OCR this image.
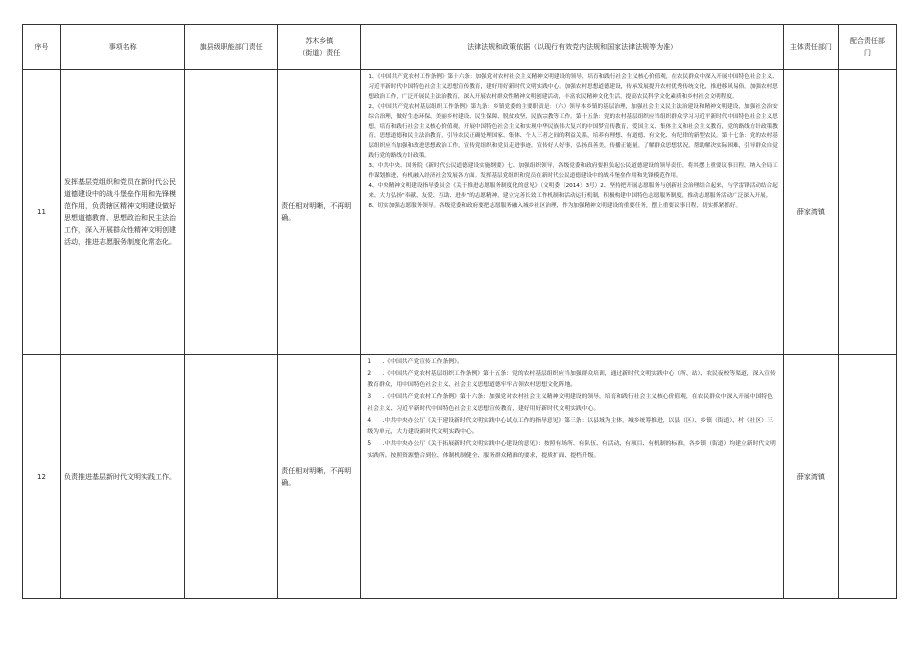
序号	事项名称	旗县级职能部门责任	苏木乡镇
（街道）责任	法律法规和政策依据（以现行有效党内法规和国家法律法规等为准）	主体责任部门	配合责任部门
11	发挥基层党组织和党员在新时代公民道德建设中的战斗堡垒作用和先锋模范作用，负责辖区精神文明建设做好思想道德教育、思想政治和民主法治工作，深入开展群众性精神文明创建活动，推进志愿服务制度化常态化。		责任相对明晰，不再明确。	1、《中国共产党农村工作条例》第十六条：加强党对农村社会主义精神文明建设的领导，培育和践行社会主义核心价值观，在农民群众中深入开展中国特色社会主义、习近平新时代中国特色社会主义思想宣传教育，建好用好新时代文明实践中心。加强农村思想道德建设，传承发展提升农村优秀传统文化，推进移风易俗。加强农村思想政治工作，广泛开展民主法治教育，深入开展农村群众性精神文明创建活动，丰富农民精神文化生活，提高农民科学文化素质和乡村社会文明程度。

2、《中国共产党农村基层组织工作条例》第九条：乡镇党委的主要职责是：（六）领导本乡镇的基层治理，加强社会主义民主法治建设和精神文明建设，加强社会治安综合治理，做好生态环保、美丽乡村建设、民生保障、脱贫攻坚、民族宗教等工作。第十五条：党的农村基层组织应当组织群众学习习近平新时代中国特色社会主义思想，培育和践行社会主义核心价值观，开展中国特色社会主义和实现中华民族伟大复兴的中国梦宣传教育，爱国主义、集体主义和社会主义教育，党的路线方针政策教育，思想道德和民主法治教育，引导农民正确处理国家、集体、个人三者之间的利益关系，培养有理想、有道德、有文化、有纪律的新型农民。第十七条：党的农村基层组织应当加强和改进思想政治工作，宣传党组织和党员走进事迹，宣传好人好事，弘扬真善美，传播正能量。了解群众思想状况，帮助解决实际困难，引导群众自觉践行党的路线方针政策。

3、中共中央、国务院《新时代公民道德建设实施纲要》七、加强组织领导，各级党委和政府要担负起公民道德建设的领导责任，将其摆上重要议事日程，纳入全局工作谋划推进，有机融入经济社会发展各方面。发挥基层党组织和党员在新时代公民道德建设中的战斗堡垒作用和先锋模范作用。

4、中央精神文明建设指导委员会《关于推进志愿服务制度化的意见》（文明委〔2014〕3号）2、坚持把开展志愿服务与创新社会治理结合起来，与学雷锋活动结合起来，大力弘扬“奉献、友爱、互助、进步”的志愿精神，建立完善长效工作机制和活动运行机制，积极构建中国特色志愿服务制度，推动志愿服务活动广泛深入开展。

8、切实加强志愿服务领导。各级党委和政府要把志愿服务融入城乡社区治理，作为加强精神文明建设的重要任务，摆上重要议事日程，切实抓紧抓好。	薛家湾镇	
12	负责推进基层新时代文明实践工作。		责任相对明晰，不再明确。	1　　.《中国共产党宣传工作条例》。

2　　.《中国共产党农村基层组织工作条例》第十五条：党的农村基层组织应当加强群众培训，通过新时代文明实践中心（所、站）、农民夜校等渠道，深入宣传教育群众，用中国特色社会主义、社会主义思想道德牢牢占领农村思想文化阵地。

3　　.《中国共产党农村工作条例》第十六条：加强党对农村社会主义精神文明建设的领导，培育和践行社会主义核心价值观，在农民群众中深入开展中国特色社会主义、习近平新时代中国特色社会主义思想宣传教育，建好用好新时代文明实践中心。

4　　.中共中央办公厅《关于建设新时代文明实践中心试点工作的指导意见》第三条：以县域为主体，城乡统筹推进，以县（区）、乡镇（街道）、村（社区）三级为单元，大力建设新时代文明实践中心。

5　　.中共中央办公厅《关于拓展新时代文明实践中心建设的意见》：按照有场所、有队伍、有活动、有项目、有机制的标准，各乡镇（街道）均建立新时代文明实践所。按照资源整合到位、体制机制健全、服务群众精准的要求，提质扩面、提档升级。	薛家湾镇	
